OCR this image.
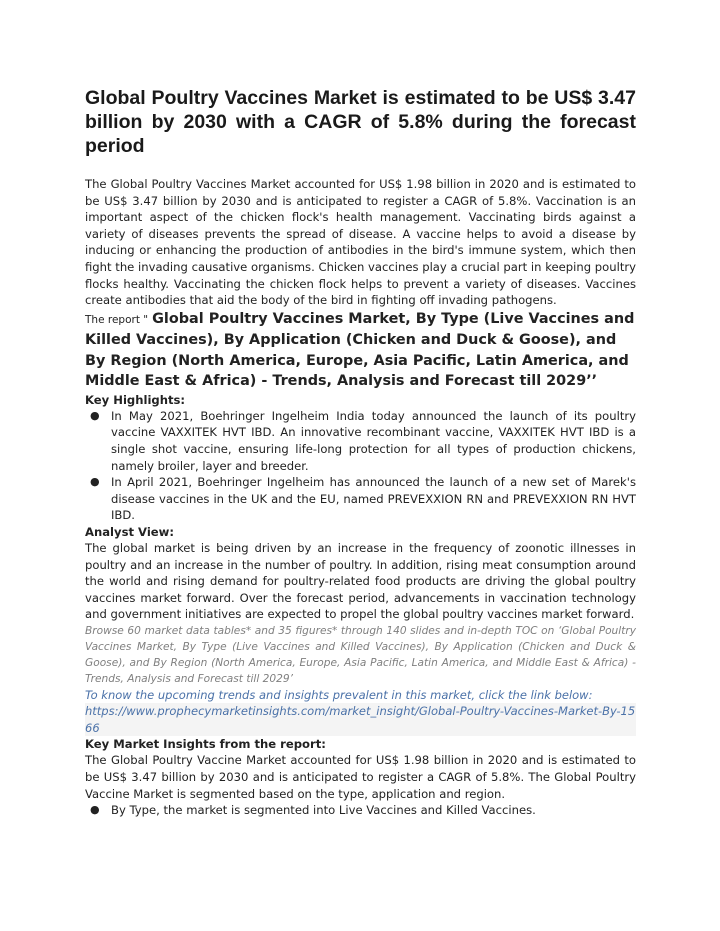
Global Poultry Vaccines Market is estimated to be US$ 3.47 billion by 2030 with a CAGR of 5.8% during the forecast period

The Global Poultry Vaccines Market accounted for US$ 1.98 billion in 2020 and is estimated to be US$ 3.47 billion by 2030 and is anticipated to register a CAGR of 5.8%. Vaccination is an important aspect of the chicken flock's health management. Vaccinating birds against a variety of diseases prevents the spread of disease. A vaccine helps to avoid a disease by inducing or enhancing the production of antibodies in the bird's immune system, which then fight the invading causative organisms. Chicken vaccines play a crucial part in keeping poultry flocks healthy. Vaccinating the chicken flock helps to prevent a variety of diseases. Vaccines create antibodies that aid the body of the bird in fighting off invading pathogens.

The report " Global Poultry Vaccines Market, By Type (Live Vaccines and Killed Vaccines), By Application (Chicken and Duck & Goose), and By Region (North America, Europe, Asia Pacific, Latin America, and Middle East & Africa) - Trends, Analysis and Forecast till 2029’’

Key Highlights:

● In May 2021, Boehringer Ingelheim India today announced the launch of its poultry vaccine VAXXITEK HVT IBD. An innovative recombinant vaccine, VAXXITEK HVT IBD is a single shot vaccine, ensuring life-long protection for all types of production chickens, namely broiler, layer and breeder.
● In April 2021, Boehringer Ingelheim has announced the launch of a new set of Marek's disease vaccines in the UK and the EU, named PREVEXXION RN and PREVEXXION RN HVT IBD.

Analyst View:

The global market is being driven by an increase in the frequency of zoonotic illnesses in poultry and an increase in the number of poultry. In addition, rising meat consumption around the world and rising demand for poultry-related food products are driving the global poultry vaccines market forward. Over the forecast period, advancements in vaccination technology and government initiatives are expected to propel the global poultry vaccines market forward.

Browse 60 market data tables* and 35 figures* through 140 slides and in-depth TOC on ‘Global Poultry Vaccines Market, By Type (Live Vaccines and Killed Vaccines), By Application (Chicken and Duck & Goose), and By Region (North America, Europe, Asia Pacific, Latin America, and Middle East & Africa) - Trends, Analysis and Forecast till 2029’

To know the upcoming trends and insights prevalent in this market, click the link below:

https://www.prophecymarketinsights.com/market_insight/Global-Poultry-Vaccines-Market-By-1566

Key Market Insights from the report:

The Global Poultry Vaccine Market accounted for US$ 1.98 billion in 2020 and is estimated to be US$ 3.47 billion by 2030 and is anticipated to register a CAGR of 5.8%. The Global Poultry Vaccine Market is segmented based on the type, application and region.

● By Type, the market is segmented into Live Vaccines and Killed Vaccines.
